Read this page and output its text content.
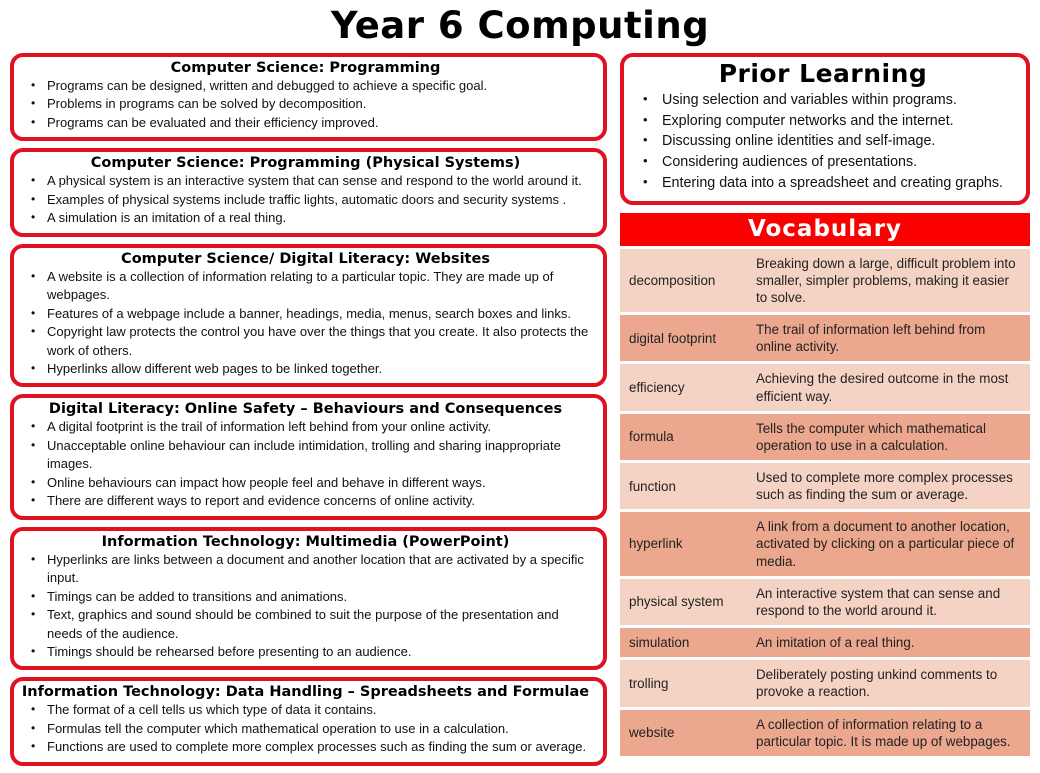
Year 6 Computing
Computer Science: Programming
• Programs can be designed, written and debugged to achieve a specific goal.
• Problems in programs can be solved by decomposition.
• Programs can be evaluated and their efficiency improved.
Computer Science: Programming (Physical Systems)
• A physical system is an interactive system that can sense and respond to the world around it.
• Examples of physical systems include traffic lights, automatic doors and security systems .
• A simulation is an imitation of a real thing.
Computer Science/ Digital Literacy: Websites
• A website is a collection of information relating to a particular topic. They are made up of webpages.
• Features of a webpage include a banner, headings, media, menus, search boxes and links.
• Copyright law protects the control you have over the things that you create. It also protects the work of others.
• Hyperlinks allow different web pages to be linked together.
Digital Literacy: Online Safety – Behaviours and Consequences
• A digital footprint is the trail of information left behind from your online activity.
• Unacceptable online behaviour can include intimidation, trolling and sharing inappropriate images.
• Online behaviours can impact how people feel and behave in different ways.
• There are different ways to report and evidence concerns of online activity.
Information Technology: Multimedia (PowerPoint)
• Hyperlinks are links between a document and another location that are activated by a specific input.
• Timings can be added to transitions and animations.
• Text, graphics and sound should be combined to suit the purpose of the presentation and needs of the audience.
• Timings should be rehearsed before presenting to an audience.
Information Technology: Data Handling – Spreadsheets and Formulae
• The format of a cell tells us which type of data it contains.
• Formulas tell the computer which mathematical operation to use in a calculation.
• Functions are used to complete more complex processes such as finding the sum or average.
Prior Learning
• Using selection and variables within programs.
• Exploring computer networks and the internet.
• Discussing online identities and self-image.
• Considering audiences of presentations.
• Entering data into a spreadsheet and creating graphs.
Vocabulary
decomposition	Breaking down a large, difficult problem into smaller, simpler problems, making it easier to solve.
digital footprint	The trail of information left behind from online activity.
efficiency	Achieving the desired outcome in the most efficient way.
formula	Tells the computer which mathematical operation to use in a calculation.
function	Used to complete more complex processes such as finding the sum or average.
hyperlink	A link from a document to another location, activated by clicking on a particular piece of media.
physical system	An interactive system that can sense and respond to the world around it.
simulation	An imitation of a real thing.
trolling	Deliberately posting unkind comments to provoke a reaction.
website	A collection of information relating to a particular topic. It is made up of webpages.
